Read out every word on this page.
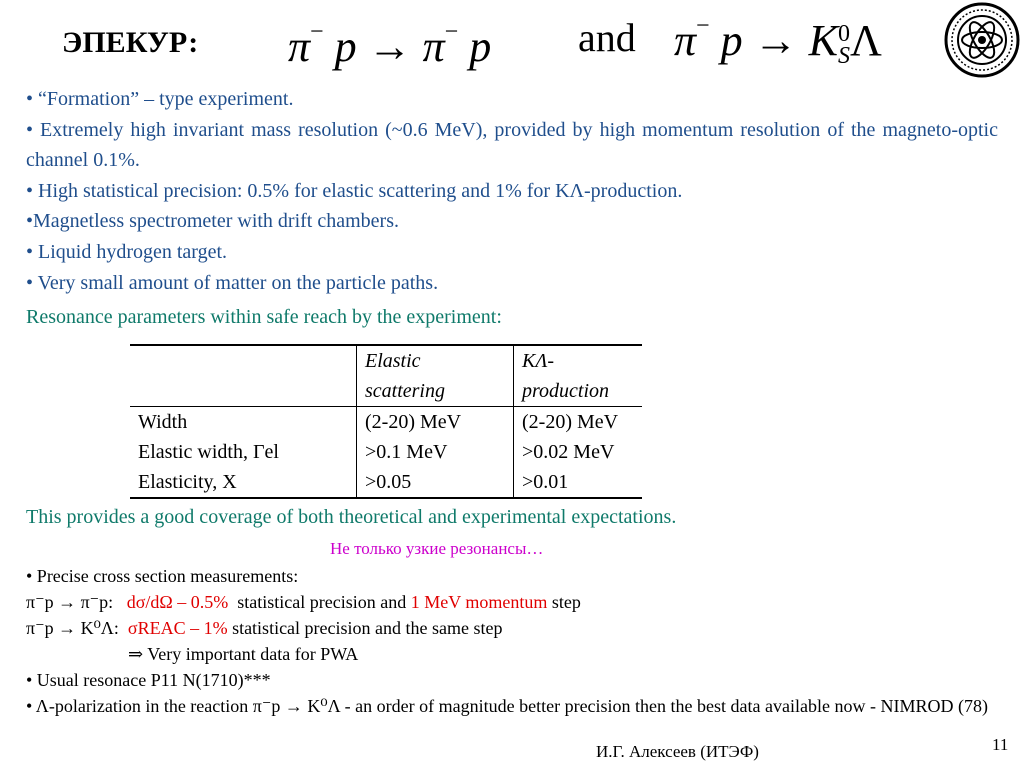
ЭПЕКУР: π− p → π− p and π− p → K 0
S Λ
• “Formation” – type experiment.
• Extremely high invariant mass resolution (~0.6 MeV), provided by high momentum resolution of the magneto-optic channel 0.1%.
• High statistical precision: 0.5% for elastic scattering and 1% for KΛ-production.
•Magnetless spectrometer with drift chambers.
• Liquid hydrogen target.
• Very small amount of matter on the particle paths.
Resonance parameters within safe reach by the experiment:
	Elastic scattering	KΛ-production
Width	(2-20) MeV	(2-20) MeV
Elastic width, Γel	>0.1 MeV	>0.02 MeV
Elasticity, X	>0.05	>0.01
This provides a good coverage of both theoretical and experimental expectations.
Не только узкие резонансы…
• Precise cross section measurements:
π⁻p → π⁻p: dσ/dΩ – 0.5% statistical precision and 1 MeV momentum step
π⁻p → K⁰Λ: σREAC – 1% statistical precision and the same step
⇒ Very important data for PWA
• Usual resonace P11 N(1710)***
• Λ-polarization in the reaction π⁻p → K⁰Λ - an order of magnitude better precision then the best data available now - NIMROD (78)
И.Г. Алексеев (ИТЭФ)	11
